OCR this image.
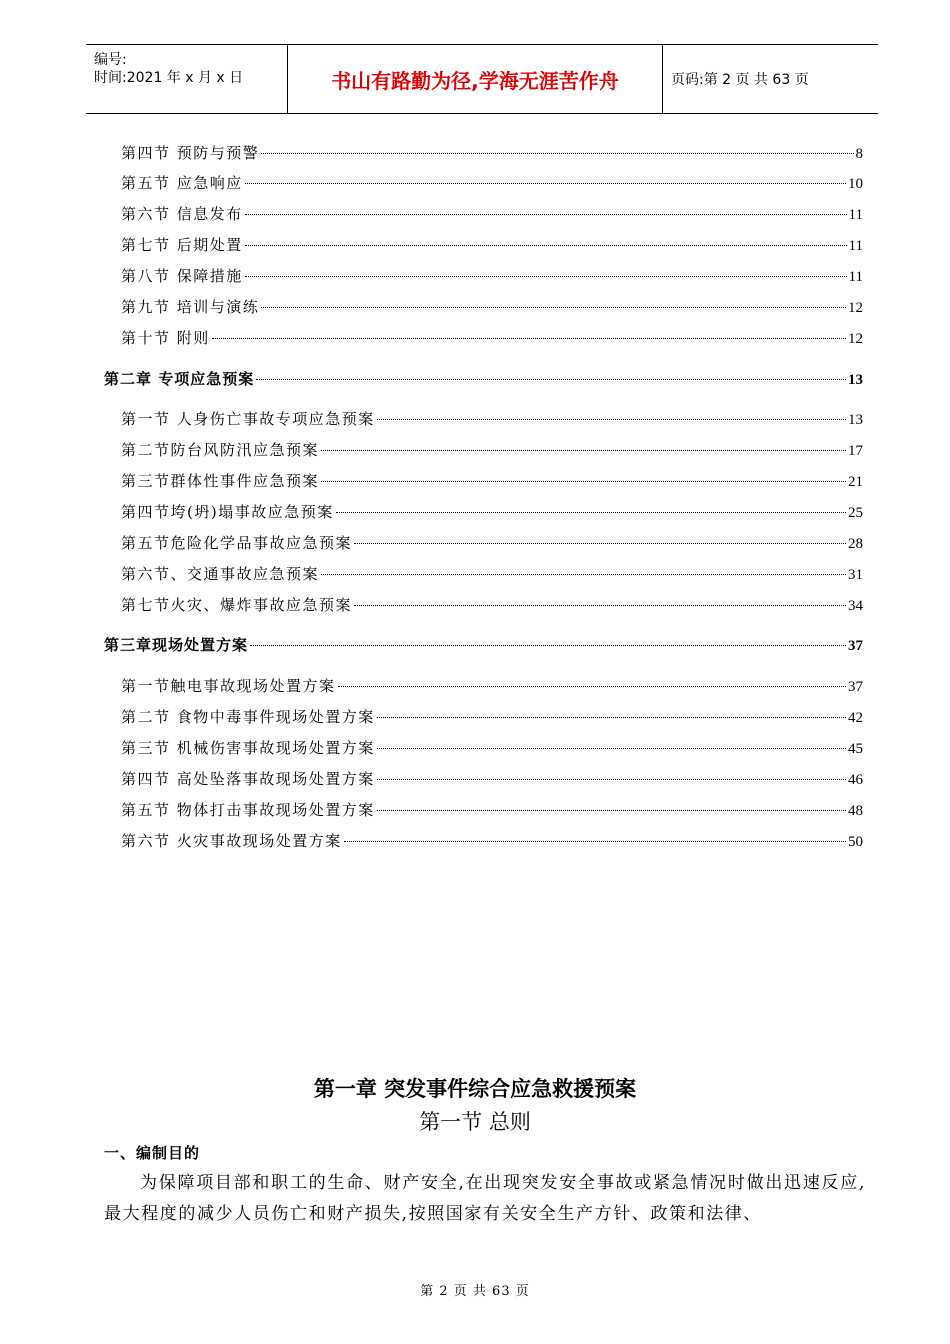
编号:
时间:2021 年 x 月 x 日	书山有路勤为径,学海无涯苦作舟	页码:第 2 页 共 63 页
第四节 预防与预警	8
第五节 应急响应	10
第六节 信息发布	11
第七节 后期处置	11
第八节 保障措施	11
第九节 培训与演练	12
第十节 附则	12
第二章 专项应急预案	13
第一节 人身伤亡事故专项应急预案	13
第二节防台风防汛应急预案	17
第三节群体性事件应急预案	21
第四节垮(坍)塌事故应急预案	25
第五节危险化学品事故应急预案	28
第六节、交通事故应急预案	31
第七节火灾、爆炸事故应急预案	34
第三章现场处置方案	37
第一节触电事故现场处置方案	37
第二节 食物中毒事件现场处置方案	42
第三节 机械伤害事故现场处置方案	45
第四节 高处坠落事故现场处置方案	46
第五节 物体打击事故现场处置方案	48
第六节 火灾事故现场处置方案	50
第一章 突发事件综合应急救援预案
第一节 总则
一、编制目的
为保障项目部和职工的生命、财产安全,在出现突发安全事故或紧急情况时做出迅速反应,最大程度的减少人员伤亡和财产损失,按照国家有关安全生产方针、政策和法律、
第 2 页 共 63 页
